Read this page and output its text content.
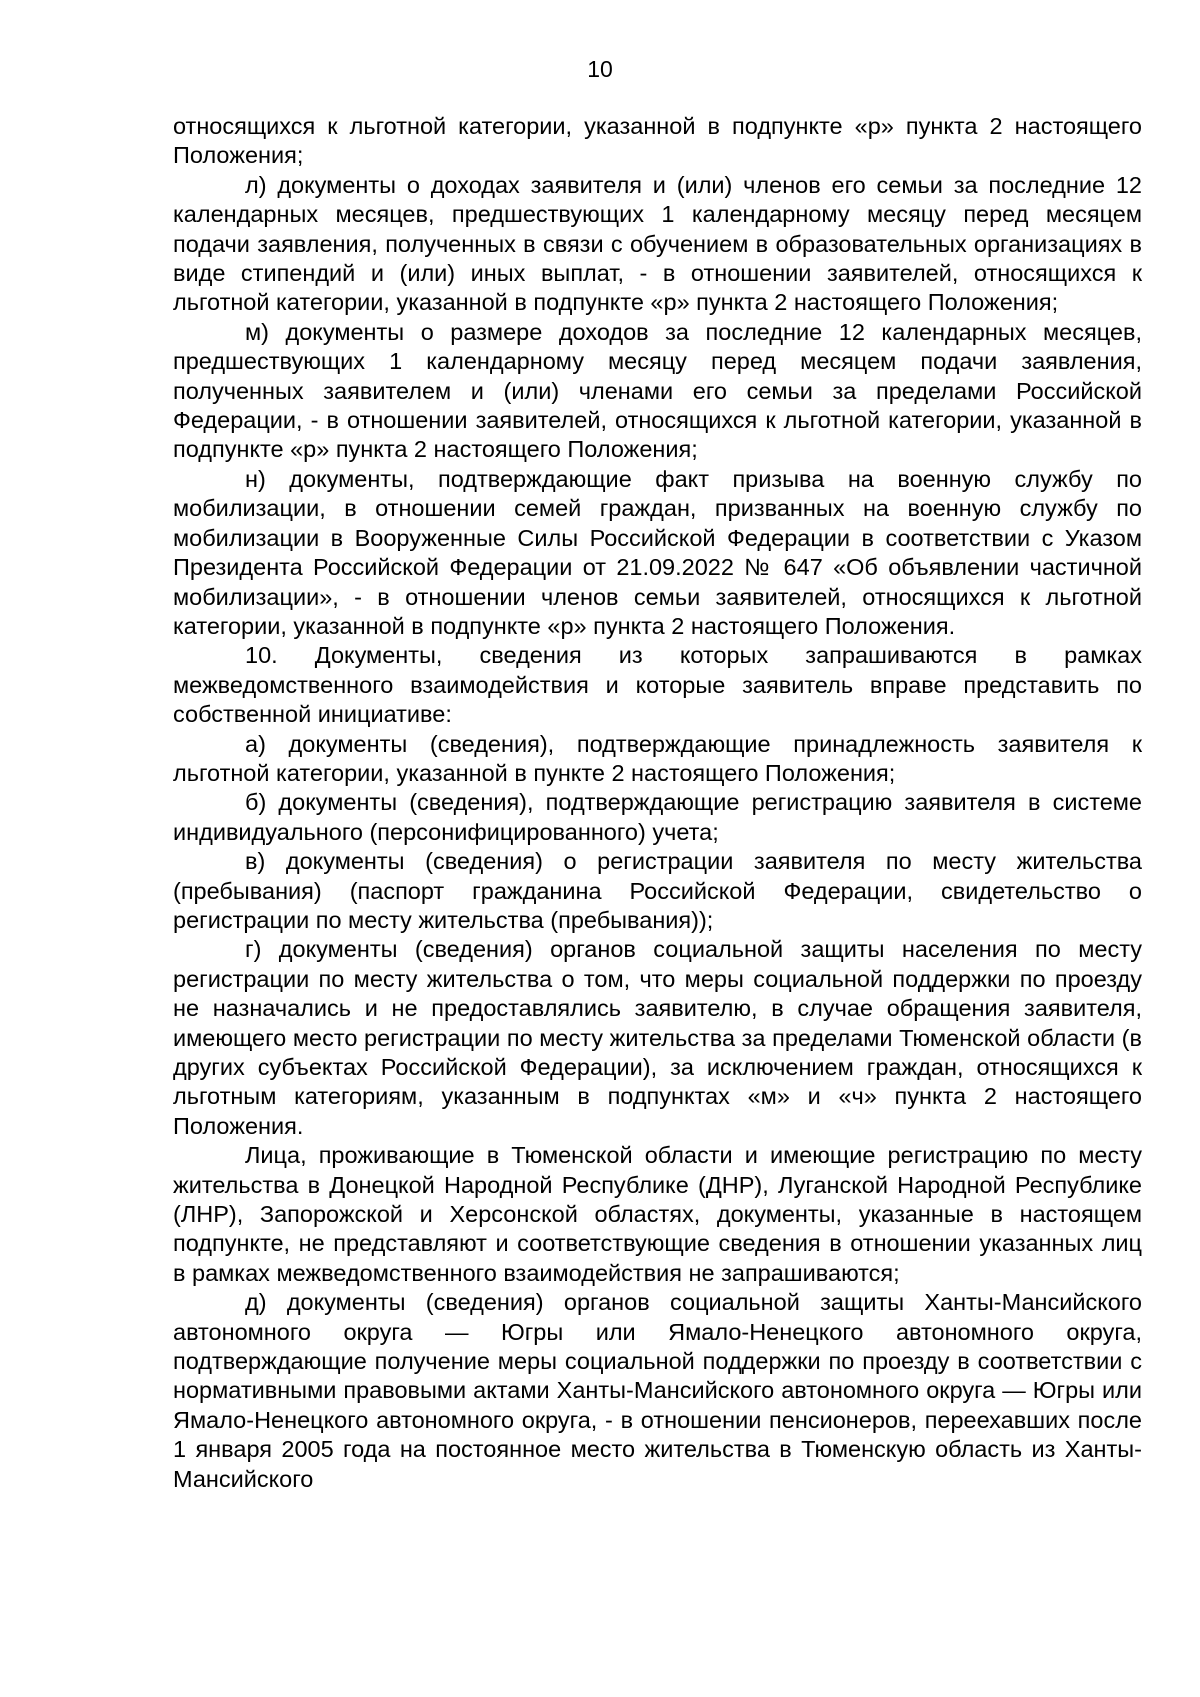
10

относящихся к льготной категории, указанной в подпункте «р» пункта 2 настоящего Положения;

л) документы о доходах заявителя и (или) членов его семьи за последние 12 календарных месяцев, предшествующих 1 календарному месяцу перед месяцем подачи заявления, полученных в связи с обучением в образовательных организациях в виде стипендий и (или) иных выплат, - в отношении заявителей, относящихся к льготной категории, указанной в подпункте «р» пункта 2 настоящего Положения;

м) документы о размере доходов за последние 12 календарных месяцев, предшествующих 1 календарному месяцу перед месяцем подачи заявления, полученных заявителем и (или) членами его семьи за пределами Российской Федерации, - в отношении заявителей, относящихся к льготной категории, указанной в подпункте «р» пункта 2 настоящего Положения;

н) документы, подтверждающие факт призыва на военную службу по мобилизации, в отношении семей граждан, призванных на военную службу по мобилизации в Вооруженные Силы Российской Федерации в соответствии с Указом Президента Российской Федерации от 21.09.2022 № 647 «Об объявлении частичной мобилизации», - в отношении членов семьи заявителей, относящихся к льготной категории, указанной в подпункте «р» пункта 2 настоящего Положения.

10. Документы, сведения из которых запрашиваются в рамках межведомственного взаимодействия и которые заявитель вправе представить по собственной инициативе:

а) документы (сведения), подтверждающие принадлежность заявителя к льготной категории, указанной в пункте 2 настоящего Положения;

б) документы (сведения), подтверждающие регистрацию заявителя в системе индивидуального (персонифицированного) учета;

в) документы (сведения) о регистрации заявителя по месту жительства (пребывания) (паспорт гражданина Российской Федерации, свидетельство о регистрации по месту жительства (пребывания));

г) документы (сведения) органов социальной защиты населения по месту регистрации по месту жительства о том, что меры социальной поддержки по проезду не назначались и не предоставлялись заявителю, в случае обращения заявителя, имеющего место регистрации по месту жительства за пределами Тюменской области (в других субъектах Российской Федерации), за исключением граждан, относящихся к льготным категориям, указанным в подпунктах «м» и «ч» пункта 2 настоящего Положения.

Лица, проживающие в Тюменской области и имеющие регистрацию по месту жительства в Донецкой Народной Республике (ДНР), Луганской Народной Республике (ЛНР), Запорожской и Херсонской областях, документы, указанные в настоящем подпункте, не представляют и соответствующие сведения в отношении указанных лиц в рамках межведомственного взаимодействия не запрашиваются;

д) документы (сведения) органов социальной защиты Ханты-Мансийского автономного округа — Югры или Ямало-Ненецкого автономного округа, подтверждающие получение меры социальной поддержки по проезду в соответствии с нормативными правовыми актами Ханты-Мансийского автономного округа — Югры или Ямало-Ненецкого автономного округа, - в отношении пенсионеров, переехавших после 1 января 2005 года на постоянное место жительства в Тюменскую область из Ханты-Мансийского
